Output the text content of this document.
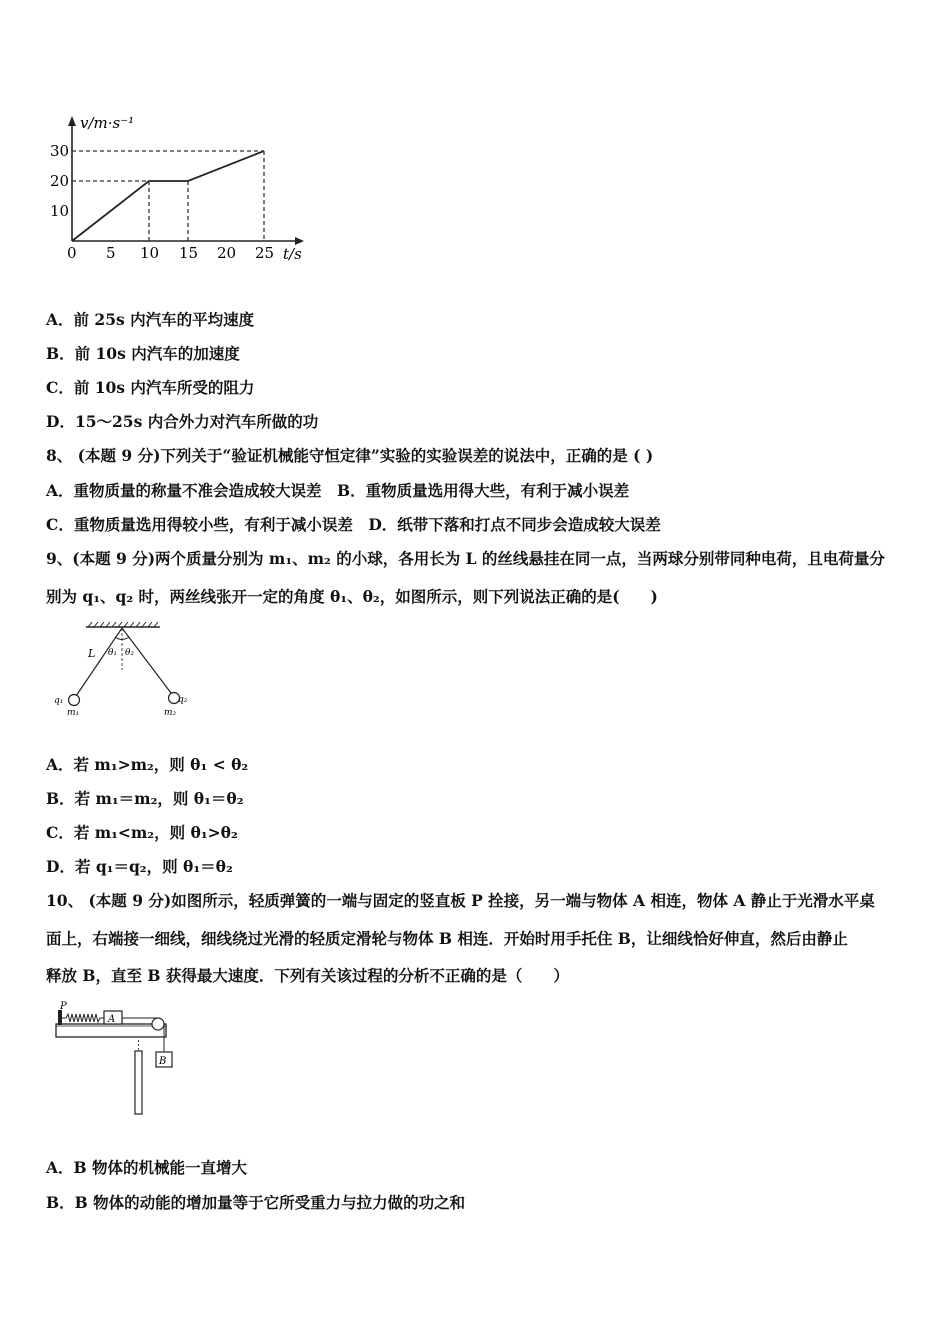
v/m·s⁻¹
t/s
10
20
30
0 5 10 15 20 25
A．前 25s 内汽车的平均速度
B．前 10s 内汽车的加速度
C．前 10s 内汽车所受的阻力
D．15～25s 内合外力对汽车所做的功
8、 (本题 9 分)下列关于“验证机械能守恒定律”实验的实验误差的说法中，正确的是 ( )
A．重物质量的称量不准会造成较大误差　B．重物质量选用得大些，有利于减小误差
C．重物质量选用得较小些，有利于减小误差　D．纸带下落和打点不同步会造成较大误差
9、(本题 9 分)两个质量分别为 m₁、m₂ 的小球，各用长为 L 的丝线悬挂在同一点，当两球分别带同种电荷，且电荷量分
别为 q₁、q₂ 时，两丝线张开一定的角度 θ₁、θ₂，如图所示，则下列说法正确的是(　　)
L θ₁ θ₂
q₁	q₂
m₁	m₂
A．若 m₁>m₂，则 θ₁ < θ₂
B．若 m₁＝m₂，则 θ₁＝θ₂
C．若 m₁<m₂，则 θ₁>θ₂
D．若 q₁＝q₂，则 θ₁＝θ₂
10、 (本题 9 分)如图所示，轻质弹簧的一端与固定的竖直板 P 拴接，另一端与物体 A 相连，物体 A 静止于光滑水平桌
面上，右端接一细线，细线绕过光滑的轻质定滑轮与物体 B 相连．开始时用手托住 B，让细线恰好伸直，然后由静止
释放 B，直至 B 获得最大速度．下列有关该过程的分析不正确的是（　　）
P
A
B
A．B 物体的机械能一直增大
B．B 物体的动能的增加量等于它所受重力与拉力做的功之和
